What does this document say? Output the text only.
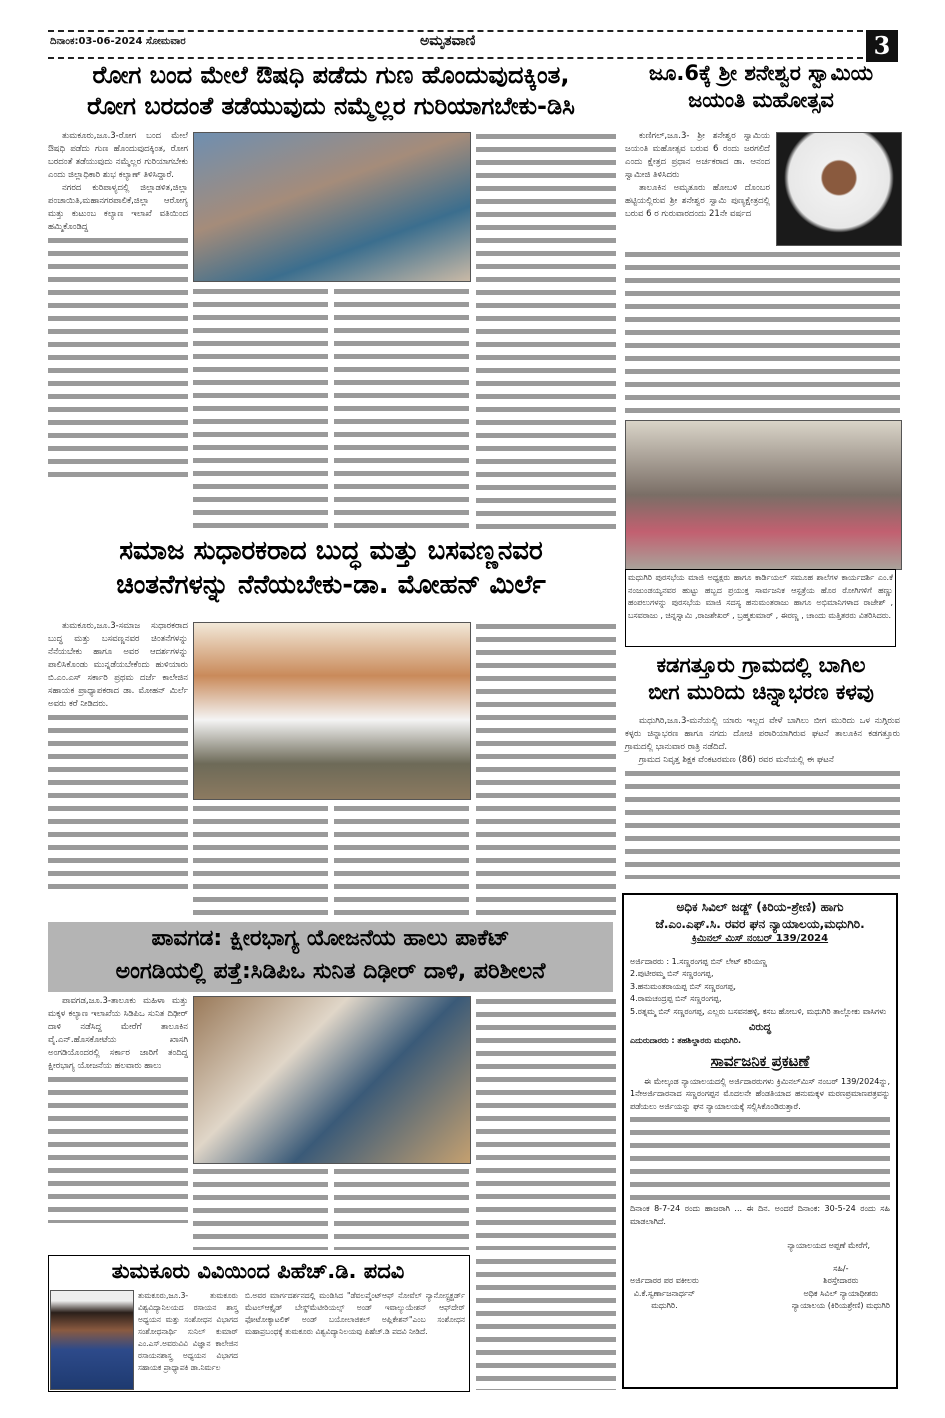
ದಿನಾಂಕ:03-06-2024 ಸೋಮವಾರ	ಅಮೃತವಾಣಿ	3
ರೋಗ ಬಂದ ಮೇಲೆ ಔಷಧಿ ಪಡೆದು ಗುಣ ಹೊಂದುವುದಕ್ಕಿಂತ,
ರೋಗ ಬರದಂತೆ ತಡೆಯುವುದು ನಮ್ಮೆಲ್ಲರ ಗುರಿಯಾಗಬೇಕು-ಡಿಸಿ
ತುಮಕೂರು,ಜೂ.3-ರೋಗ ಬಂದ ಮೇಲೆ ಔಷಧಿ ಪಡೆದು ಗುಣ ಹೊಂದುವುದಕ್ಕಿಂತ, ರೋಗ ಬರದಂತೆ ತಡೆಯುವುದು ನಮ್ಮೆಲ್ಲರ ಗುರಿಯಾಗಬೇಕು ಎಂದು ಜಿಲ್ಲಾಧಿಕಾರಿ ಶುಭ ಕಲ್ಯಾಣ್ ತಿಳಿಸಿದ್ದಾರೆ.
ನಗರದ ಕುರಿಪಾಳ್ಯದಲ್ಲಿ ಜಿಲ್ಲಾಡಳಿತ,ಜಿಲ್ಲಾ ಪಂಚಾಯಿತಿ,ಮಹಾನಗರಪಾಲಿಕೆ,ಜಿಲ್ಲಾ ಆರೋಗ್ಯ ಮತ್ತು ಕುಟುಂಬ ಕಲ್ಯಾಣ ಇಲಾಖೆ ವತಿಯಿಂದ ಹಮ್ಮಿಕೊಂಡಿದ್ದ
ಜೂ.6ಕ್ಕೆ ಶ್ರೀ ಶನೇಶ್ವರ ಸ್ವಾಮಿಯ
ಜಯಂತಿ ಮಹೋತ್ಸವ
ಕುಣಿಗಲ್,ಜೂ.3- ಶ್ರೀ ಶನೇಶ್ವರ ಸ್ವಾಮಿಯ ಜಯಂತಿ ಮಹೋತ್ಸವ ಬರುವ 6 ರಂದು ಜರಗಲಿದೆ ಎಂದು ಕ್ಷೇತ್ರದ ಪ್ರಧಾನ ಅರ್ಚಕರಾದ ಡಾ. ಆನಂದ ಸ್ವಾಮೀಜಿ ತಿಳಿಸಿದರು
ತಾಲೂಕಿನ ಅಮೃತೂರು ಹೋಬಳಿ ದೊಂಬರ ಹಟ್ಟಿಯಲ್ಲಿರುವ ಶ್ರೀ ಶನೇಶ್ವರ ಸ್ವಾಮಿ ಪುಣ್ಯಕ್ಷೇತ್ರದಲ್ಲಿ ಬರುವ 6 ರ ಗುರುವಾರದಂದು 21ನೇ ವರ್ಷದ
ಮಧುಗಿರಿ ಪುರಸಭೆಯ ಮಾಜಿ ಅಧ್ಯಕ್ಷರು ಹಾಗೂ ಕಾರ್ಡಿಯಲ್ ಸಮೂಹ ಶಾಲೆಗಳ ಕಾರ್ಯದರ್ಶಿ ಎಂ.ಕೆ ನಂಜುಂಡಯ್ಯನವರ ಹುಟ್ಟು ಹಬ್ಬದ ಪ್ರಯುಕ್ತ ಸಾರ್ವಜನಿಕ ಆಸ್ಪತ್ರೆಯ ಹೊರ ರೋಗಿಗಳಿಗೆ ಹಣ್ಣು ಹಂಪಲುಗಳನ್ನು ಪುರಸಭೆಯ ಮಾಜಿ ಸದಸ್ಯ ಹನುಮಂತರಾಜು ಹಾಗೂ ಅಭಿಮಾನಿಗಳಾದ ರಾಜೇಶ್ , ಬಸವರಾಜು , ಚಿನ್ನಸ್ವಾಮಿ ,ರಾಜಶೇಖರ್ , ಬ್ರಹ್ಮಕುಮಾರ್ , ಈರಣ್ಣ , ಚಾಂದು ಮತ್ತಿತರರು ವಿತರಿಸಿದರು.
ಕಡಗತ್ತೂರು ಗ್ರಾಮದಲ್ಲಿ ಬಾಗಿಲ
ಬೀಗ ಮುರಿದು ಚಿನ್ನಾಭರಣ ಕಳವು
ಮಧುಗಿರಿ,ಜೂ.3-ಮನೆಯಲ್ಲಿ ಯಾರು ಇಲ್ಲದ ವೇಳೆ ಬಾಗಿಲು ಬೀಗ ಮುರಿದು ಒಳ ನುಗ್ಗಿರುವ ಕಳ್ಳರು ಚಿನ್ನಾಭರಣ ಹಾಗೂ ನಗದು ದೋಚಿ ಪರಾರಿಯಾಗಿರುವ ಘಟನೆ ತಾಲೂಕಿನ ಕಡಗತ್ತೂರು ಗ್ರಾಮದಲ್ಲಿ ಭಾನುವಾರ ರಾತ್ರಿ ನಡೆದಿದೆ.
ಗ್ರಾಮದ ನಿವೃತ್ತ ಶಿಕ್ಷಕ ವೆಂಕಟರಮಣ (86) ರವರ ಮನೆಯಲ್ಲಿ ಈ ಘಟನೆ
ಸಮಾಜ ಸುಧಾರಕರಾದ ಬುದ್ಧ ಮತ್ತು ಬಸವಣ್ಣನವರ
ಚಿಂತನೆಗಳನ್ನು ನೆನೆಯಬೇಕು-ಡಾ. ಮೋಹನ್ ಮಿರ್ಲೆ
ತುಮಕೂರು,ಜೂ.3-ಸಮಾಜ ಸುಧಾರಕರಾದ ಬುದ್ಧ ಮತ್ತು ಬಸವಣ್ಣನವರ ಚಿಂತನೆಗಳನ್ನು ನೆನೆಯಬೇಕು ಹಾಗೂ ಅವರ ಆದರ್ಶಗಳನ್ನು ಪಾಲಿಸಿಕೊಂಡು ಮುನ್ನಡೆಯಬೇಕೆಂದು ಹುಳಿಯಾರು ಬಿ.ಎಂ.ಎಸ್ ಸರ್ಕಾರಿ ಪ್ರಥಮ ದರ್ಜೆ ಕಾಲೇಜಿನ ಸಹಾಯಕ ಪ್ರಾಧ್ಯಾಪಕರಾದ ಡಾ. ಮೋಹನ್ ಮಿರ್ಲೆ ಅವರು ಕರೆ ನೀಡಿದರು.
ಪಾವಗಡ: ಕ್ಷೀರಭಾಗ್ಯ ಯೋಜನೆಯ ಹಾಲು ಪಾಕೆಟ್
ಅಂಗಡಿಯಲ್ಲಿ ಪತ್ತೆ:ಸಿಡಿಪಿಒ ಸುನಿತ ದಿಢೀರ್ ದಾಳಿ, ಪರಿಶೀಲನೆ
ಪಾವಗಡ,ಜೂ.3-ತಾಲೂಕು ಮಹಿಳಾ ಮತ್ತು ಮಕ್ಕಳ ಕಲ್ಯಾಣ ಇಲಾಖೆಯ ಸಿಡಿಪಿಒ ಸುನಿತ ದಿಢೀರ್ ದಾಳಿ ನಡೆಸಿದ್ದ ಮೇರೆಗೆ ತಾಲೂಕಿನ ವೈ.ಎನ್.ಹೊಸಕೋಟೆಯ ಖಾಸಗಿ ಅಂಗಡಿಯೊಂದರಲ್ಲಿ ಸರ್ಕಾರ ಜಾರಿಗೆ ತಂದಿದ್ದ ಕ್ಷೀರಭಾಗ್ಯ ಯೋಜನೆಯ ಹಲವಾರು ಹಾಲು
ತುಮಕೂರು ವಿವಿಯಿಂದ ಪಿಹೆಚ್.ಡಿ. ಪದವಿ
ತುಮಕೂರು,ಜೂ.3- ತುಮಕೂರು ವಿಶ್ವವಿದ್ಯಾನಿಲಯದ ರಸಾಯನ ಶಾಸ್ತ್ರ ಅಧ್ಯಯನ ಮತ್ತು ಸಂಶೋಧನ ವಿಭಾಗದ ಸಂಶೋಧನಾರ್ಥಿ ಸುನಿಲ್ ಕುಮಾರ್ ಎಂ.ಎಸ್.ಅವರುವಿವಿ ವಿಜ್ಞಾನ ಕಾಲೇಜಿನ ರಸಾಯನಶಾಸ್ತ್ರ ಅಧ್ಯಯನ ವಿಭಾಗದ ಸಹಾಯಕ ಪ್ರಾಧ್ಯಾಪಕಿ ಡಾ.ನಿರ್ಮಲ
ಬಿ.ಅವರ ಮಾರ್ಗದರ್ಶನದಲ್ಲಿ ಮಂಡಿಸಿದ "ಡೆವಲಪ್ಮೆಂಟ್ಆಫ್ ನೋವೆಲ್ ನ್ಯಾನೋಸ್ಟ್ರಕ್ಚರ್ಡ್ ಮೆಟಲ್ಆಕ್ಸೈಡ್ ಬೇಸ್ಡ್‌ಮೆಟೀರಿಯಲ್ಸ್ ಅಂಡ್ ಇವಾಲ್ಯುಯೇಶನ್ ಆಫ್‌ದೇರ್ ಫೋಟೋಕ್ಯಾಟಲಿಕ್ ಅಂಡ್ ಬಯೋಲಾಜಿಕಲ್ ಅಪ್ಲಿಕೇಶನ್"ಎಂಬ ಸಂಶೋಧನ ಮಹಾಪ್ರಬಂಧಕ್ಕೆ ತುಮಕೂರು ವಿಶ್ವವಿದ್ಯಾನಿಲಯವು ಪಿಹೆಚ್.ಡಿ ಪದವಿ ನೀಡಿದೆ.
ಅಧಿಕ ಸಿವಿಲ್ ಜಡ್ಜ್ (ಕಿರಿಯ-ಶ್ರೇಣಿ) ಹಾಗು
ಜೆ.ಎಂ.ಎಫ್.ಸಿ. ರವರ ಘನ ನ್ಯಾಯಾಲಯ,ಮಧುಗಿರಿ.
ಕ್ರಿಮಿನಲ್ ಮಿಸ್ ನಂಬರ್ 139/2024
ಅರ್ಜಿದಾರರು : 1.ಸಣ್ಣರಂಗಪ್ಪ ಬಿನ್ ಲೇಟ್ ಕರಿಯಣ್ಣ
2.ಪುಟೀರಮ್ಮ ಬಿನ್ ಸಣ್ಣರಂಗಪ್ಪ,
3.ಹನುಮಂತರಾಯಪ್ಪ ಬಿನ್ ಸಣ್ಣರಂಗಪ್ಪ,
4.ರಾಮಚಂದ್ರಪ್ಪ ಬಿನ್ ಸಣ್ಣರಂಗಪ್ಪ,
5.ರತ್ನಮ್ಮ ಬಿನ್ ಸಣ್ಣರಂಗಪ್ಪ, ಎಲ್ಲರು ಬಸವನಹಳ್ಳಿ, ಕಸಬ ಹೋಬಳಿ, ಮಧುಗಿರಿ ತಾಲ್ಲೋಕು ವಾಸಿಗಳು
ವಿರುದ್ಧ
ಎದುರುದಾರರು : ತಹಶಿಲ್ದಾರರು ಮಧುಗಿರಿ.
ಸಾರ್ವಜನಿಕ ಪ್ರಕಟಣೆ
ಈ ಮೇಲ್ಕಂಡ ನ್ಯಾಯಾಲಯದಲ್ಲಿ ಅರ್ಜಿದಾರರುಗಳು ಕ್ರಿಮಿನಲ್‌ಮಿಸ್ ನಂಬರ್ 139/2024ನ್ನು, 1ನೇಅರ್ಜಿದಾರನಾದ ಸಣ್ಣರಂಗಪ್ಪನ ಮೊದಲನೇ ಹೆಂಡತಿಯಾದ ಹನುಮಕ್ಕಳ ಮರಣಪ್ರಮಾಣಪತ್ರವನ್ನು ಪಡೆಯಲು ಅರ್ಜಿಯನ್ನು ಘನ ನ್ಯಾಯಾಲಯಕ್ಕೆ ಸಲ್ಲಿಸಿಕೊಂಡಿರುತ್ತಾರೆ.
ದಿನಾಂಕ 8-7-24 ರಂದು ಹಾಜರಾಗಿ ... ಈ ದಿನ. ಅಂದರೆ ದಿನಾಂಕ: 30-5-24 ರಂದು ಸಹಿ ಮಾಡಲಾಗಿದೆ.
ನ್ಯಾಯಾಲಯದ ಅಪ್ಪಣೆ ಮೇರೆಗೆ,
ಅರ್ಜಿದಾರರ ಪರ ವಕೀಲರು
ವಿ.ಕೆ.ಸ್ವರ್ಣಾಜನಾರ್ಧನ್
ಮಧುಗಿರಿ.
ಸಹಿ/-
ಶಿರಸ್ತೇದಾರರು
ಅಧಿಕ ಸಿವಿಲ್ ನ್ಯಾಯಾಧೀಶರು
ನ್ಯಾಯಾಲಯ (ಕಿರಿಯಶ್ರೇಣಿ) ಮಧುಗಿರಿ
